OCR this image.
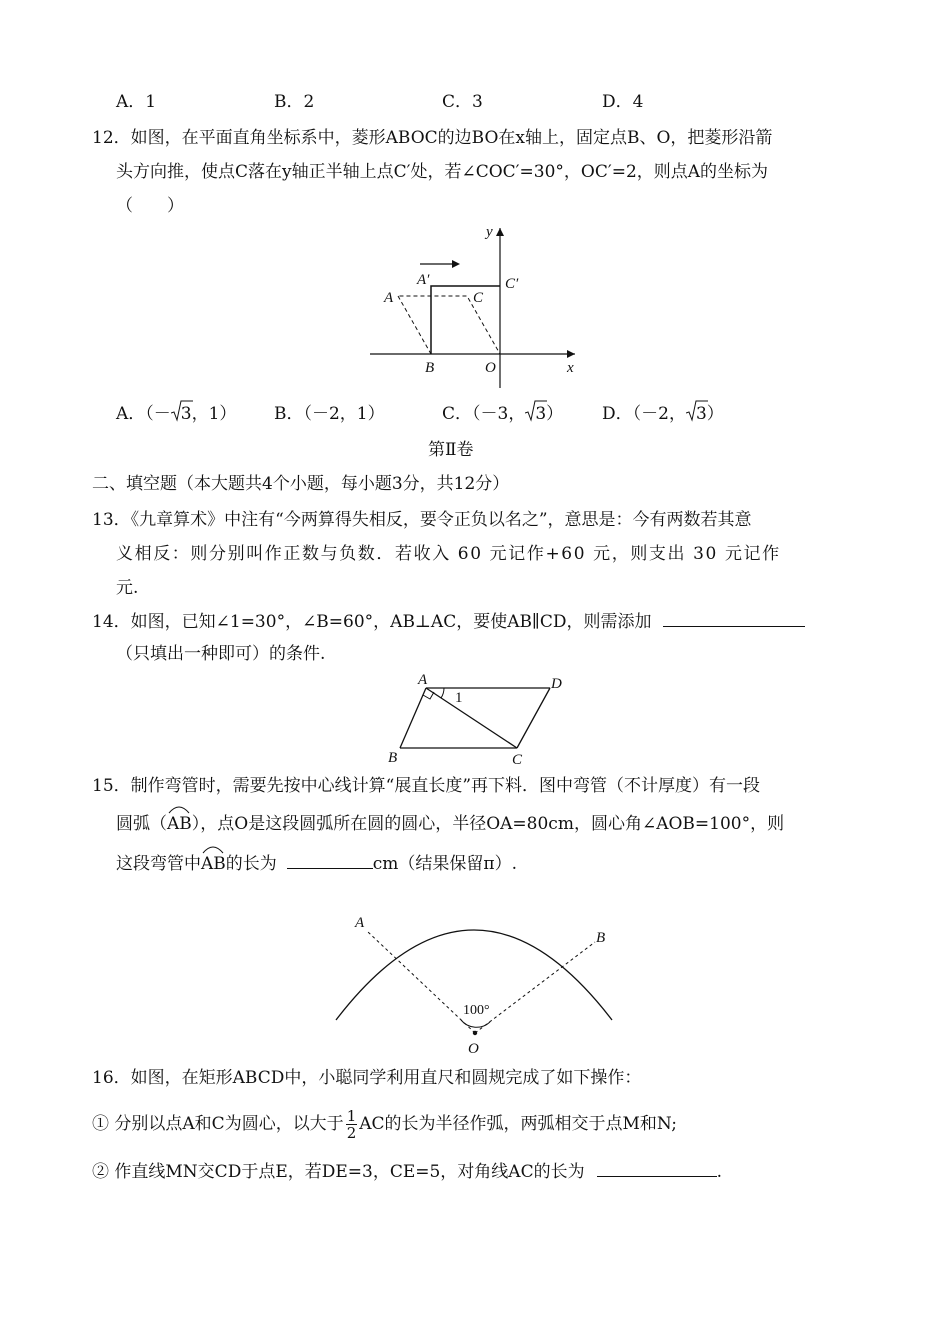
A．1	B．2	C．3	D．4
12．如图，在平面直角坐标系中，菱形ABOC的边BO在x轴上，固定点B、O，把菱形沿箭
头方向推，使点C落在y轴正半轴上点C′处，若∠COC′=30°，OC′=2，则点A的坐标为
（　　）
y
x
A′	C′
A	C
B	O
A．（－ 3，1） B．（－2，1）	C．（－3， 3） D．（－2， 3）
第Ⅱ卷
二、填空题（本大题共4个小题，每小题3分，共12分）
13．《九章算术》中注有“今两算得失相反，要令正负以名之”，意思是：今有两数若其意
义相反：则分别叫作正数与负数．若收入 60 元记作+60 元，则支出 30 元记作
元.
14．如图，已知∠1=30°，∠B=60°，AB⊥AC，要使AB∥CD，则需添加
（只填出一种即可）的条件.
A	D
B	C
1
15．制作弯管时，需要先按中心线计算“展直长度”再下料．图中弯管（不计厚度）有一段
圆弧（
AB），点O是这段圆弧所在圆的圆心，半径OA=80cm，圆心角∠AOB=100°，则
这段弯管中
AB的长为	cm（结果保留π）.
A
B
O
100°
16．如图，在矩形ABCD中，小聪同学利用直尺和圆规完成了如下操作：
① 分别以点A和C为圆心，以大于 $\frac{1}{2}$ AC的长为半径作弧，两弧相交于点M和N;
② 作直线MN交CD于点E，若DE=3，CE=5，对角线AC的长为	.
